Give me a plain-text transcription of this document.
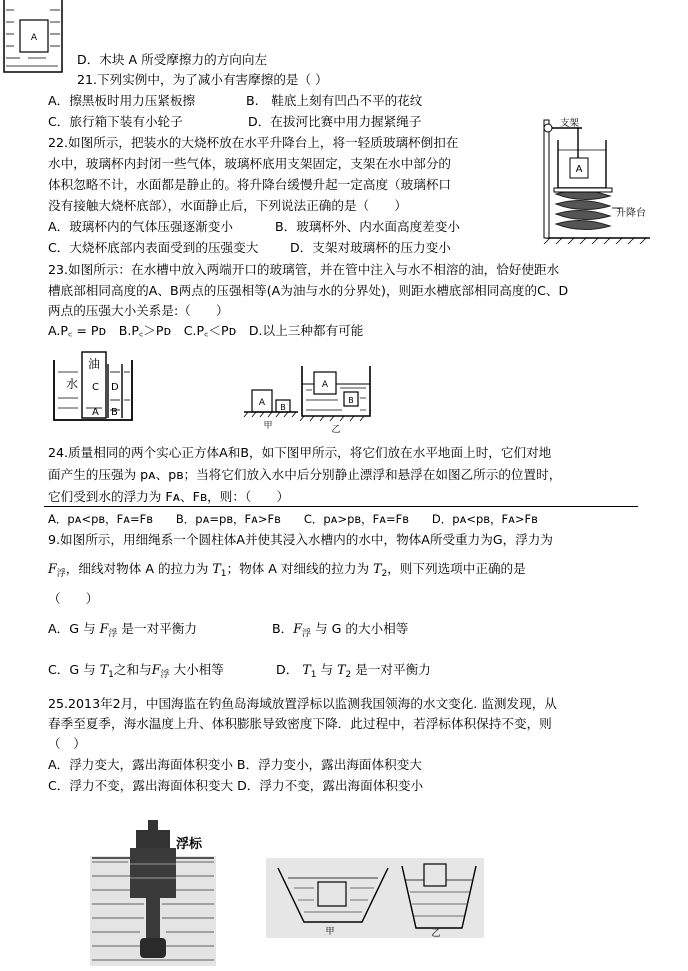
A
D．木块 A 所受摩擦力的方向向左
21.下列实例中，为了减小有害摩擦的是（ ）
A．擦黑板时用力压紧板擦	B.　鞋底上刻有凹凸不平的花纹
C．旅行箱下装有小轮子	D．在拔河比赛中用力握紧绳子
22.如图所示，把装水的大烧杯放在水平升降台上，将一轻质玻璃杯倒扣在
水中，玻璃杯内封闭一些气体，玻璃杯底用支架固定，支架在水中部分的
体积忽略不计，水面都是静止的。将升降台缓慢升起一定高度（玻璃杯口
没有接触大烧杯底部），水面静止后，下列说法正确的是（　　）
A．玻璃杯内的气体压强逐渐变小	B．玻璃杯外、内水面高度差变小
C．大烧杯底部内表面受到的压强变大	D．支架对玻璃杯的压力变小
支架
A
升降台
23.如图所示：在水槽中放入两端开口的玻璃管，并在管中注入与水不相溶的油，恰好使距水
槽底部相同高度的A、B两点的压强相等(A为油与水的分界处)，则距水槽底部相同高度的C、D
两点的压强大小关系是:（　　）
A.P꜀ = Pᴅ　B.P꜀＞Pᴅ　C.P꜀＜Pᴅ　D.以上三种都有可能
水
油
C D
A B
A B
甲
A
B
乙
24.质量相同的两个实心正方体A和B，如下图甲所示，将它们放在水平地面上时，它们对地
面产生的压强为 pᴀ、pʙ；当将它们放入水中后分别静止漂浮和悬浮在如图乙所示的位置时，
它们受到水的浮力为 Fᴀ、Fʙ，则：（　　）
A．pᴀ<pʙ，Fᴀ=Fʙ　　B．pᴀ=pʙ，Fᴀ>Fʙ　　C．pᴀ>pʙ，Fᴀ=Fʙ　　D．pᴀ<pʙ，Fᴀ>Fʙ
9.如图所示，用细绳系一个圆柱体A并使其浸入水槽内的水中，物体A所受重力为G，浮力为
$F_浮$，细线对物体 A 的拉力为 $T_1$；物体 A 对细线的拉力为 $T_2$，则下列选项中正确的是
（　　）
A．G 与 $F_浮$ 是一对平衡力	B．$F_浮$ 与 G 的大小相等
C．G 与 $T_1$之和与$F_浮$ 大小相等	D． $T_1$ 与 $T_2$ 是一对平衡力
25.2013年2月，中国海监在钓鱼岛海域放置浮标以监测我国领海的水文变化. 监测发现，从
春季至夏季，海水温度上升、体积膨胀导致密度下降．此过程中，若浮标体积保持不变，则
（　）
A．浮力变大，露出海面体积变小 B．浮力变小，露出海面体积变大
C．浮力不变，露出海面体积变大 D．浮力不变，露出海面体积变小
浮标
甲	乙
